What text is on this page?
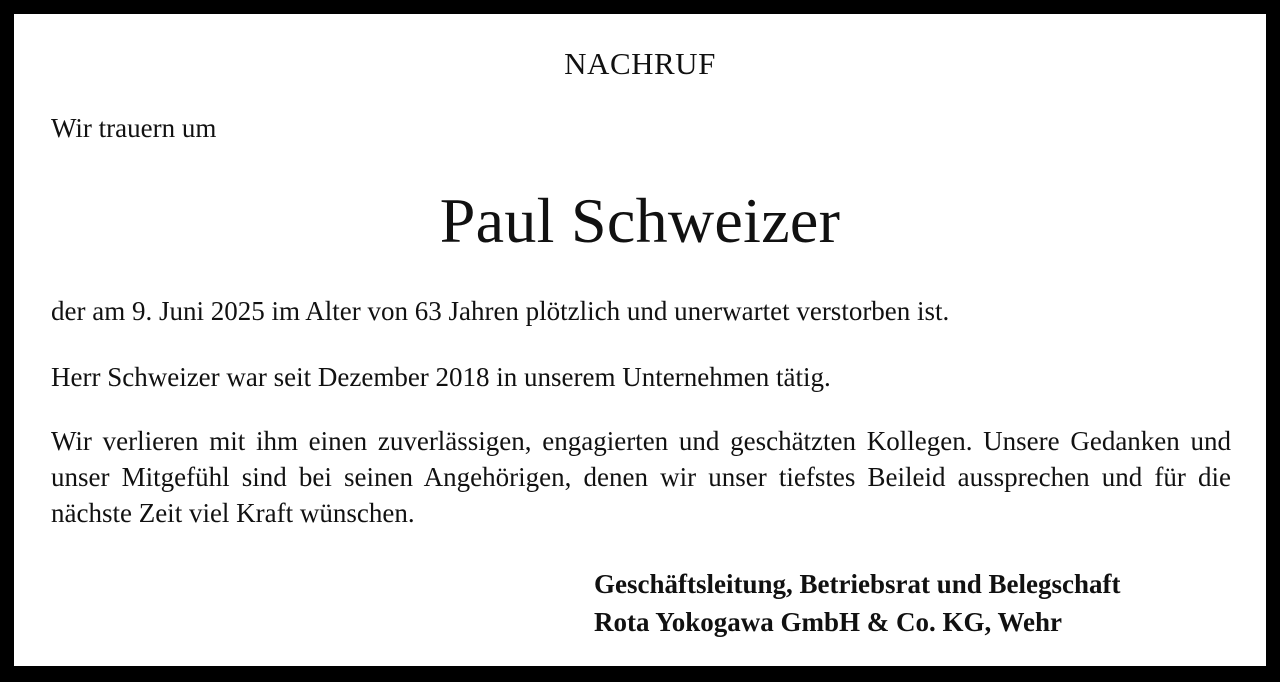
NACHRUF
Wir trauern um
Paul Schweizer
der am 9. Juni 2025 im Alter von 63 Jahren plötzlich und unerwartet verstorben ist.
Herr Schweizer war seit Dezember 2018 in unserem Unternehmen tätig.
Wir verlieren mit ihm einen zuverlässigen, engagierten und geschätzten Kollegen. Unsere Gedanken und unser Mitgefühl sind bei seinen Angehörigen, denen wir unser tiefstes Beileid aussprechen und für die nächste Zeit viel Kraft wünschen.
Geschäftsleitung, Betriebsrat und Belegschaft
Rota Yokogawa GmbH & Co. KG, Wehr
